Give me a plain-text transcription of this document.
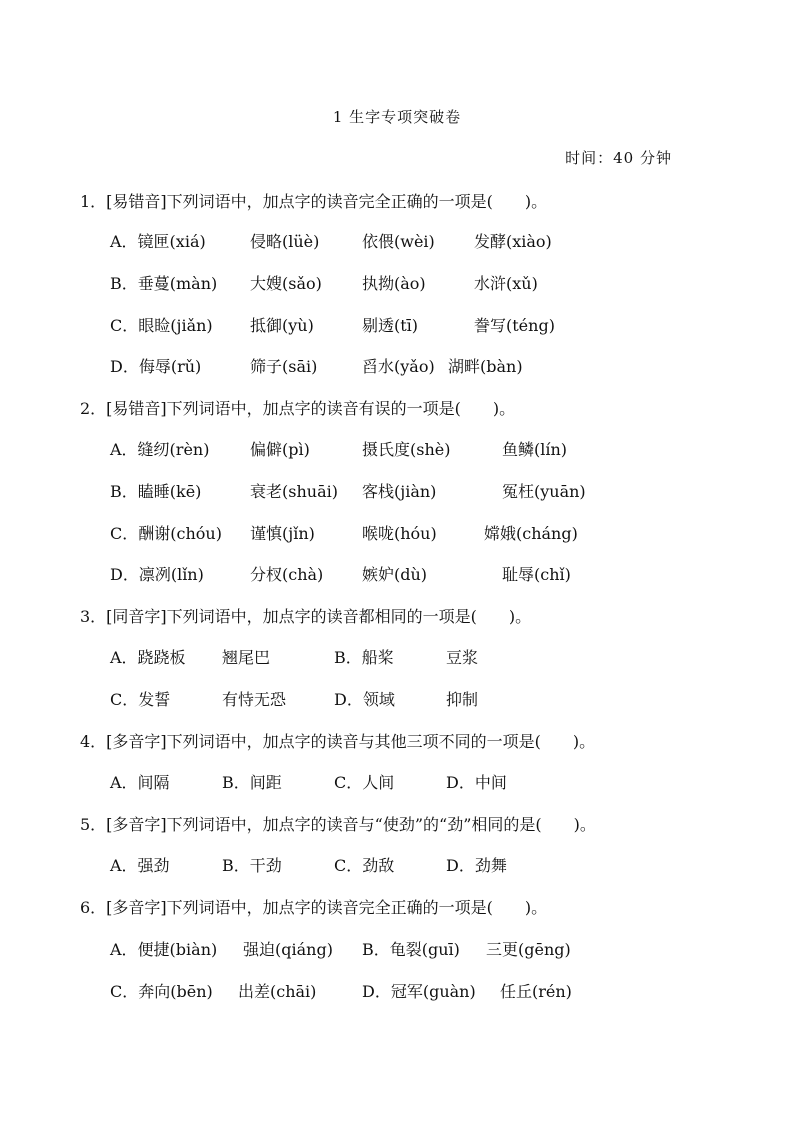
1 生字专项突破卷
时间：40 分钟
1．[易错音]下列词语中，加点字的读音完全正确的一项是(　　)。
A．镜匣(xiá)	侵略(lüè)	依偎(wèi) 发酵(xiào)
B．垂蔓(màn) 大嫂(sǎo)	执拗(ào)	水浒(xǔ)
C．眼睑(jiǎn) 抵御(yù)	剔透(tī)	誊写(téng)
D．侮辱(rǔ)	筛子(sāi)	舀水(yǎo) 湖畔(bàn)
2．[易错音]下列词语中，加点字的读音有误的一项是(　　)。
A．缝纫(rèn)	偏僻(pì)	摄氏度(shè)	鱼鳞(lín)
B．瞌睡(kē)	衰老(shuāi) 客栈(jiàn)	冤枉(yuān)
C．酬谢(chóu) 谨慎(jǐn)	喉咙(hóu)	嫦娥(cháng)
D．凛冽(lǐn)	分杈(chà) 嫉妒(dù)	耻辱(chǐ)
3．[同音字]下列词语中，加点字的读音都相同的一项是(　　)。
A．跷跷板 翘尾巴	B．船桨	豆浆
C．发誓	有恃无恐	D．领域	抑制
4．[多音字]下列词语中，加点字的读音与其他三项不同的一项是(　　)。
A．间隔	B．间距	C．人间	D．中间
5．[多音字]下列词语中，加点字的读音与“使劲”的“劲”相同的是(　　)。
A．强劲	B．干劲	C．劲敌	D．劲舞
6．[多音字]下列词语中，加点字的读音完全正确的一项是(　　)。
A．便捷(biàn) 强迫(qiáng) B．龟裂(guī) 三更(gēng)
C．奔向(bēn) 出差(chāi)	D．冠军(guàn) 任丘(rén)
